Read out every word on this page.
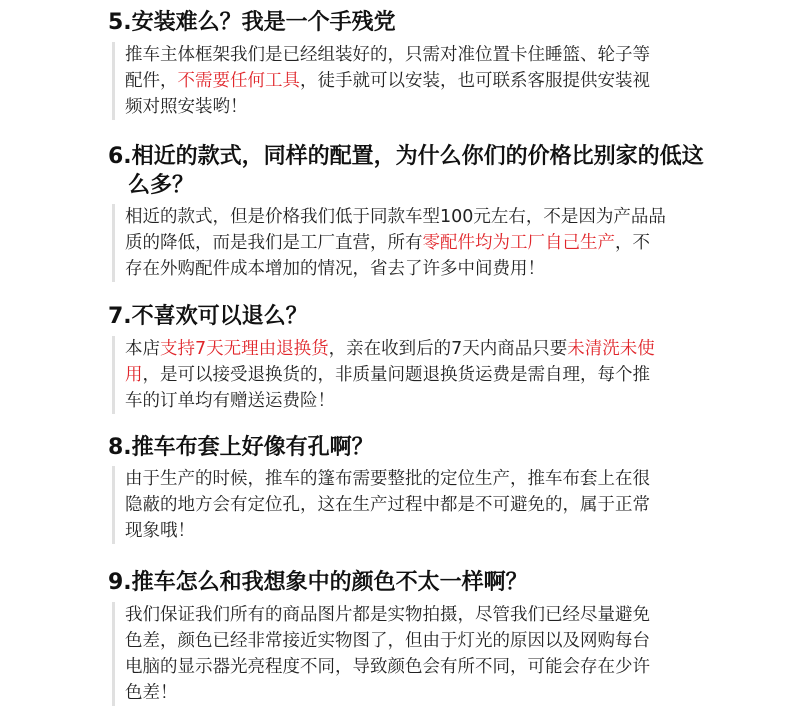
5.安装难么？我是一个手残党
推车主体框架我们是已经组装好的，只需对准位置卡住睡篮、轮子等
配件，不需要任何工具，徒手就可以安装，也可联系客服提供安装视
频对照安装哟！
6.相近的款式，同样的配置，为什么你们的价格比别家的低这
么多？
相近的款式，但是价格我们低于同款车型100元左右，不是因为产品品
质的降低，而是我们是工厂直营，所有零配件均为工厂自己生产，不
存在外购配件成本增加的情况，省去了许多中间费用！
7.不喜欢可以退么？
本店支持7天无理由退换货，亲在收到后的7天内商品只要未清洗未使
用，是可以接受退换货的，非质量问题退换货运费是需自理，每个推
车的订单均有赠送运费险！
8.推车布套上好像有孔啊？
由于生产的时候，推车的篷布需要整批的定位生产，推车布套上在很
隐蔽的地方会有定位孔，这在生产过程中都是不可避免的，属于正常
现象哦！
9.推车怎么和我想象中的颜色不太一样啊？
我们保证我们所有的商品图片都是实物拍摄，尽管我们已经尽量避免
色差，颜色已经非常接近实物图了，但由于灯光的原因以及网购每台
电脑的显示器光亮程度不同，导致颜色会有所不同，可能会存在少许
色差！
